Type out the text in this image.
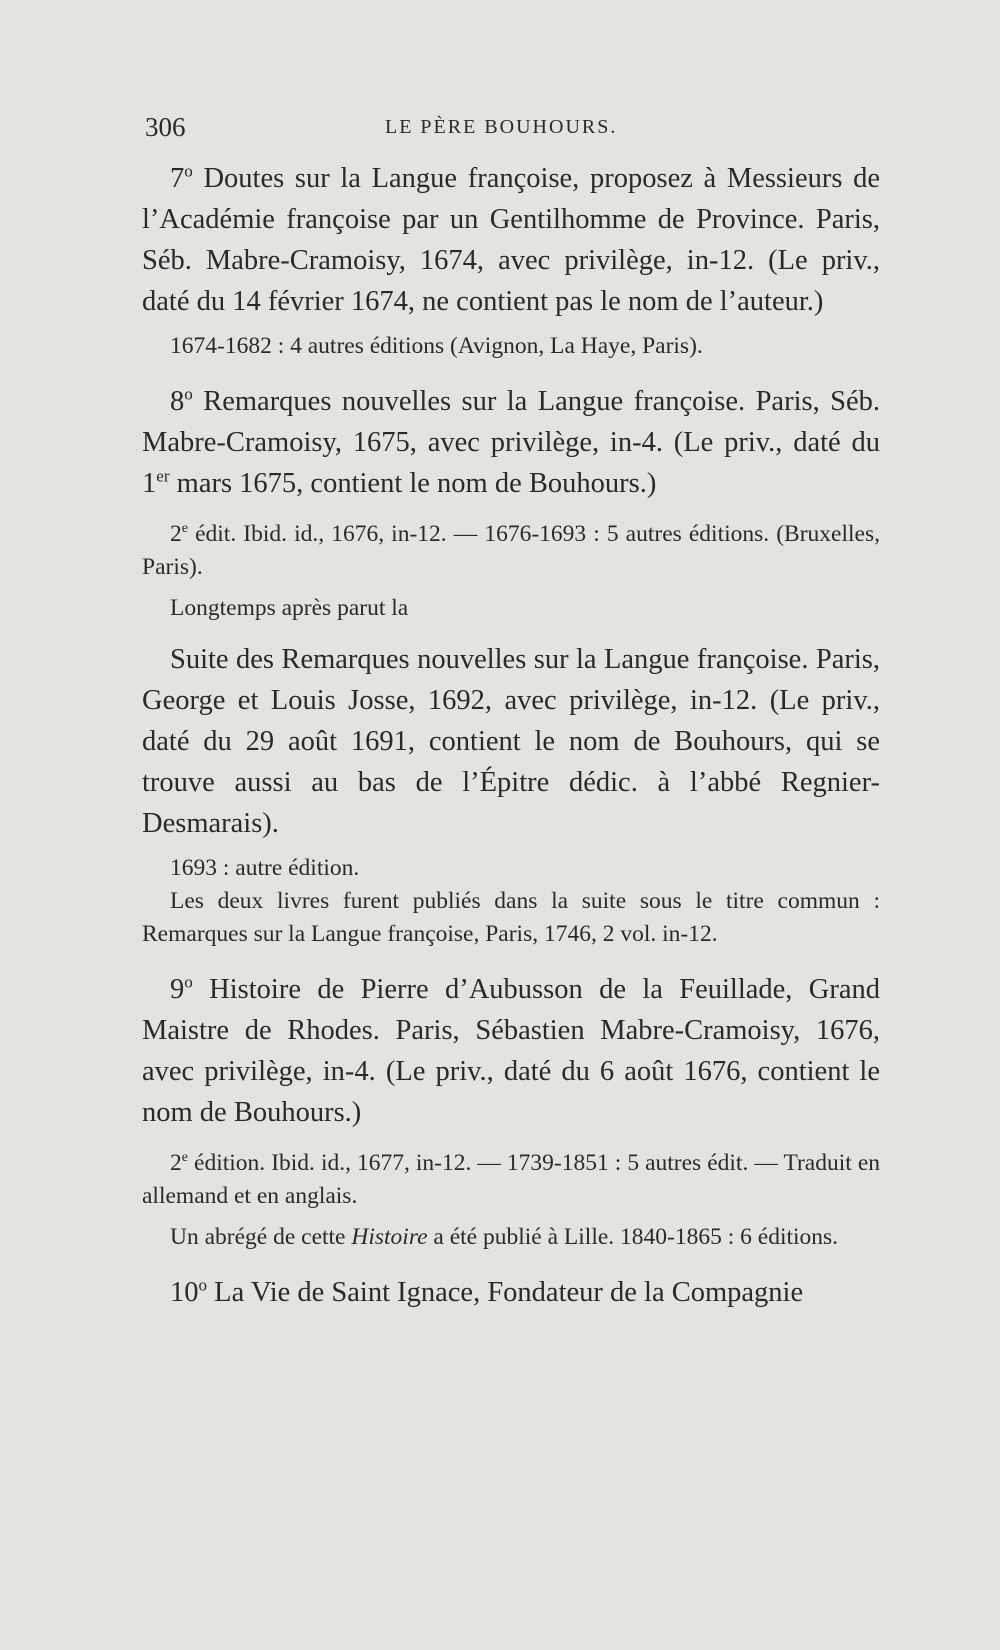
306	LE PÈRE BOUHOURS.

7$^o$ Doutes sur la Langue françoise, proposez à Messieurs de l’Académie françoise par un Gentilhomme de Province. Paris, Séb. Mabre-Cramoisy, 1674, avec privilège, in-12. (Le priv., daté du 14 février 1674, ne contient pas le nom de l’auteur.)

1674-1682 : 4 autres éditions (Avignon, La Haye, Paris).

8$^o$ Remarques nouvelles sur la Langue françoise. Paris, Séb. Mabre-Cramoisy, 1675, avec privilège, in-4. (Le priv., daté du 1er mars 1675, contient le nom de Bouhours.)

2e édit. Ibid. id., 1676, in-12. — 1676-1693 : 5 autres éditions. (Bruxelles, Paris).

Longtemps après parut la

Suite des Remarques nouvelles sur la Langue françoise. Paris, George et Louis Josse, 1692, avec privilège, in-12. (Le priv., daté du 29 août 1691, contient le nom de Bouhours, qui se trouve aussi au bas de l’Épitre dédic. à l’abbé Regnier-Desmarais).

1693 : autre édition.

Les deux livres furent publiés dans la suite sous le titre commun : Remarques sur la Langue françoise, Paris, 1746, 2 vol. in-12.

9$^o$ Histoire de Pierre d’Aubusson de la Feuillade, Grand Maistre de Rhodes. Paris, Sébastien Mabre-Cramoisy, 1676, avec privilège, in-4. (Le priv., daté du 6 août 1676, contient le nom de Bouhours.)

2e édition. Ibid. id., 1677, in-12. — 1739-1851 : 5 autres édit. — Traduit en allemand et en anglais.

Un abrégé de cette Histoire a été publié à Lille. 1840-1865 : 6 éditions.

10$^o$ La Vie de Saint Ignace, Fondateur de la Compagnie
